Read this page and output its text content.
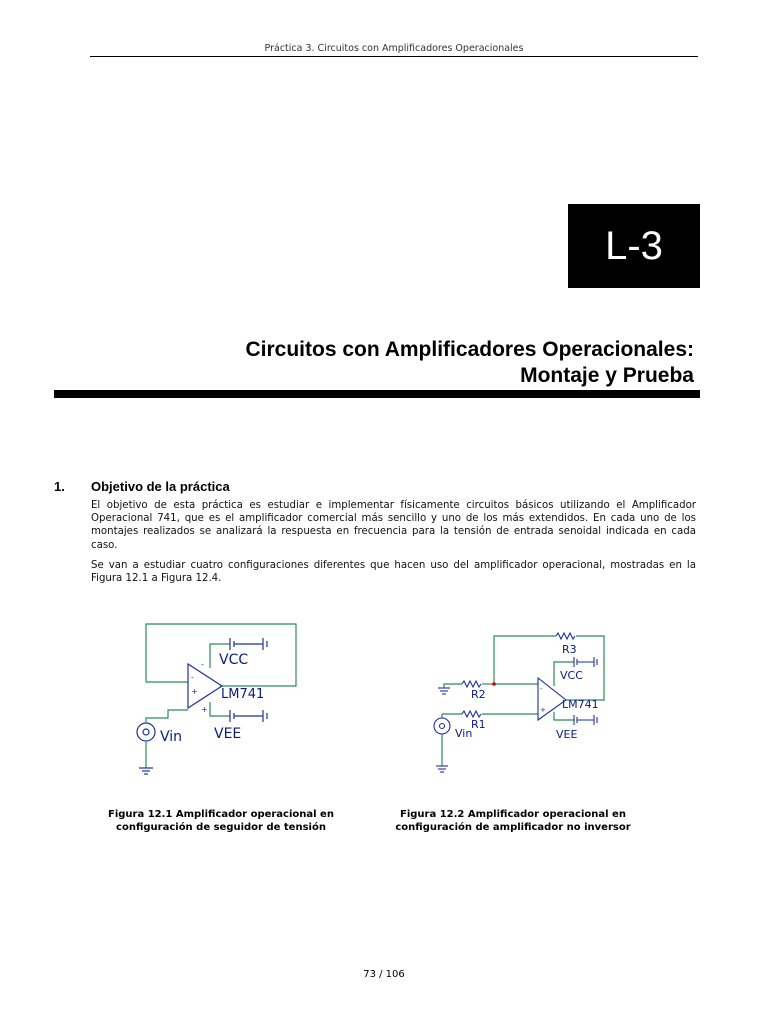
Práctica 3. Circuitos con Amplificadores Operacionales
L-3
Circuitos con Amplificadores Operacionales:
Montaje y Prueba
1. Objetivo de la práctica

El objetivo de esta práctica es estudiar e implementar físicamente circuitos básicos utilizando el Amplificador Operacional 741, que es el amplificador comercial más sencillo y uno de los más extendidos. En cada uno de los montajes realizados se analizará la respuesta en frecuencia para la tensión de entrada senoidal indicada en cada caso.

Se van a estudiar cuatro configuraciones diferentes que hacen uso del amplificador operacional, mostradas en la Figura 12.1 a Figura 12.4.

-
-
+
+
VCC
LM741
VEE
Vin
-
+
R3
VCC
R2
LM741
R1
Vin	VEE
Figura 12.1 Amplificador operacional en
configuración de seguidor de tensión
Figura 12.2 Amplificador operacional en
configuración de amplificador no inversor
73 / 106
